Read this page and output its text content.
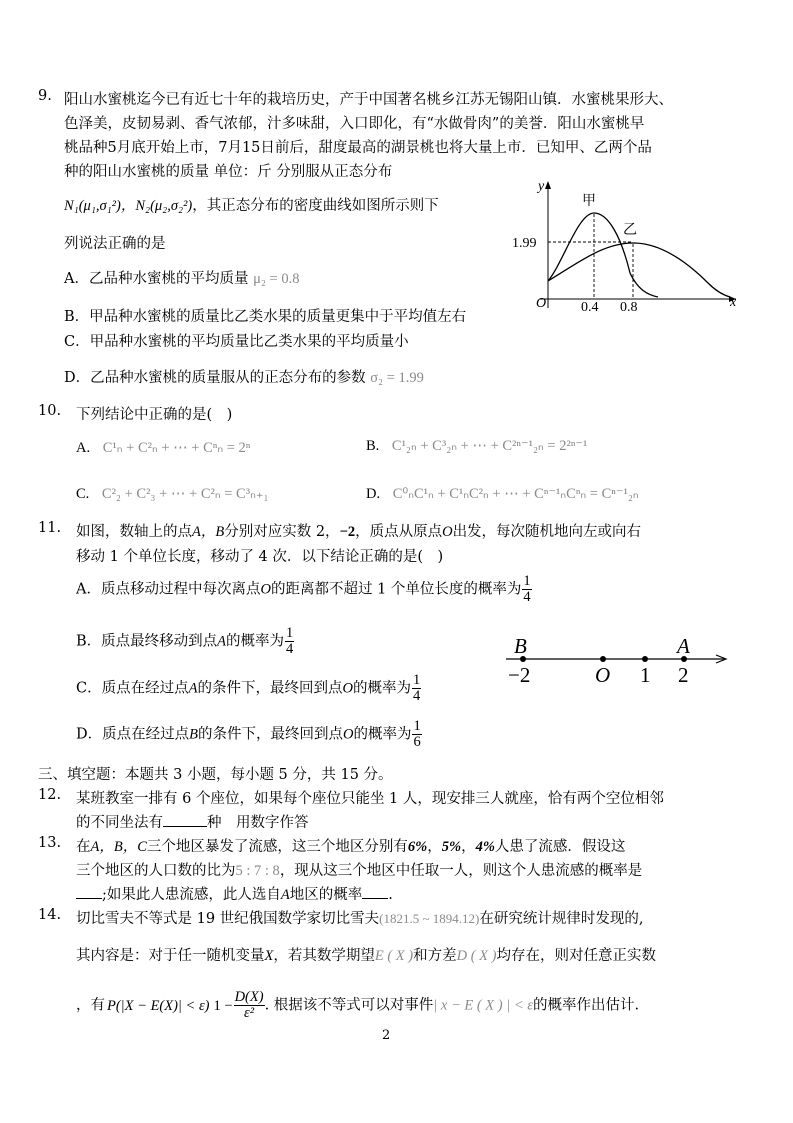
9. 阳山水蜜桃迄今已有近七十年的栽培历史，产于中国著名桃乡江苏无锡阳山镇．水蜜桃果形大、
色泽美，皮韧易剥、香气浓郁，汁多味甜，入口即化，有“水做骨肉”的美誉．阳山水蜜桃早
桃品种5月底开始上市，7月15日前后，甜度最高的湖景桃也将大量上市．已知甲、乙两个品
种的阳山水蜜桃的质量 单位：斤 分别服从正态分布
N₁(μ₁,σ₁²)，N₂(μ₂,σ₂²)，其正态分布的密度曲线如图所示则下
列说法正确的是
A．乙品种水蜜桃的平均质量 μ₂ = 0.8
B．甲品种水蜜桃的质量比乙类水果的质量更集中于平均值左右
C．甲品种水蜜桃的平均质量比乙类水果的平均质量小
D．乙品种水蜜桃的质量服从的正态分布的参数 σ₂ = 1.99
y
x
O
甲
乙
1.99
0.4 0.8
10. 下列结论中正确的是(　)
A. C¹ₙ + C²ₙ + ⋯ + Cⁿₙ = 2ⁿ	B. C¹₂ₙ + C³₂ₙ + ⋯ + C²ⁿ⁻¹₂ₙ = 2²ⁿ⁻¹
C. C²₂ + C²₃ + ⋯ + C²ₙ = C³ₙ₊₁	D. C⁰ₙC¹ₙ + C¹ₙC²ₙ + ⋯ + Cⁿ⁻¹ₙCⁿₙ = Cⁿ⁻¹₂ₙ
11. 如图，数轴上的点A，B分别对应实数 2，−2，质点从原点O出发，每次随机地向左或向右
移动 1 个单位长度，移动了 4 次．以下结论正确的是(　)
A．质点移动过程中每次离点O的距离都不超过 1 个单位长度的概率为 $\frac{1}{4}$
B．质点最终移动到点A的概率为 $\frac{1}{4}$
C．质点在经过点A的条件下，最终回到点O的概率为 $\frac{1}{4}$
D．质点在经过点B的条件下，最终回到点O的概率为 $\frac{1}{6}$
B	A
−2	O 1 2
三、填空题：本题共 3 小题，每小题 5 分，共 15 分。
12. 某班教室一排有 6 个座位，如果每个座位只能坐 1 人，现安排三人就座，恰有两个空位相邻
的不同坐法有	种　用数字作答
13. 在A，B，C三个地区暴发了流感，这三个地区分别有6%，5%，4%人患了流感．假设这
三个地区的人口数的比为5 : 7 : 8，现从这三个地区中任取一人，则这个人患流感的概率是
;如果此人患流感，此人选自A地区的概率 .
14. 切比雪夫不等式是 19 世纪俄国数学家切比雪夫(1821.5 ~ 1894.12)在研究统计规律时发现的,
其内容是：对于任一随机变量X，若其数学期望E ( X )和方差D ( X )均存在，则对任意正实数
，有 P(|X − E(X)| < ε) $1 - \frac{D(X)}{\text{ε²}}$ . 根据该不等式可以对事件| x − E ( X ) | < ε的概率作出估计.
2
